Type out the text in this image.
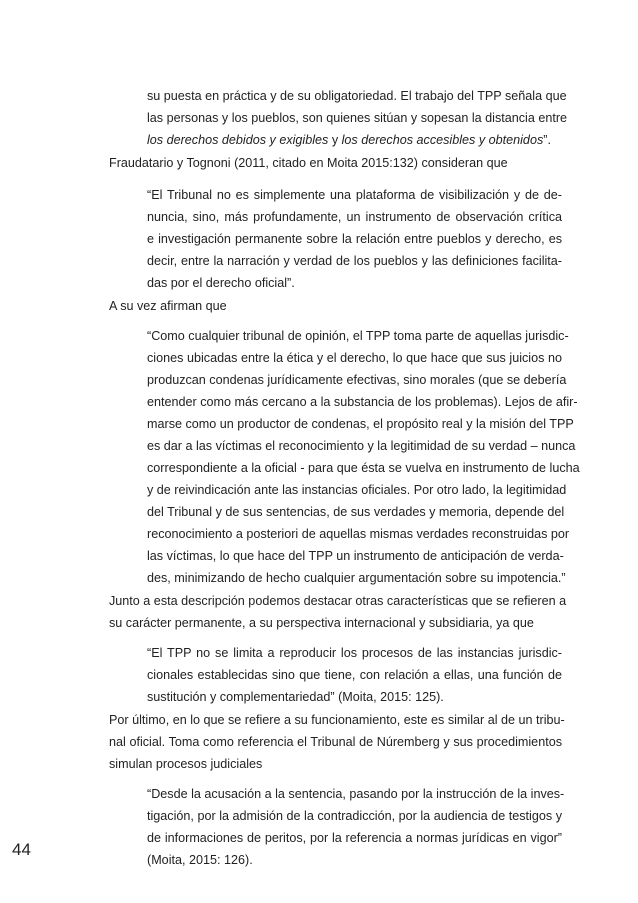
su puesta en práctica y de su obligatoriedad. El trabajo del TPP señala que
las personas y los pueblos, son quienes sitúan y sopesan la distancia entre
los derechos debidos y exigibles y los derechos accesibles y obtenidos”.
Fraudatario y Tognoni (2011, citado en Moita 2015:132) consideran que
“El Tribunal no es simplemente una plataforma de visibilización y de de-
nuncia, sino, más profundamente, un instrumento de observación crítica
e investigación permanente sobre la relación entre pueblos y derecho, es
decir, entre la narración y verdad de los pueblos y las definiciones facilita-
das por el derecho oficial”.
A su vez afirman que
“Como cualquier tribunal de opinión, el TPP toma parte de aquellas jurisdic-
ciones ubicadas entre la ética y el derecho, lo que hace que sus juicios no
produzcan condenas jurídicamente efectivas, sino morales (que se debería
entender como más cercano a la substancia de los problemas). Lejos de afir-
marse como un productor de condenas, el propósito real y la misión del TPP
es dar a las víctimas el reconocimiento y la legitimidad de su verdad – nunca
correspondiente a la oficial - para que ésta se vuelva en instrumento de lucha
y de reivindicación ante las instancias oficiales. Por otro lado, la legitimidad
del Tribunal y de sus sentencias, de sus verdades y memoria, depende del
reconocimiento a posteriori de aquellas mismas verdades reconstruidas por
las víctimas, lo que hace del TPP un instrumento de anticipación de verda-
des, minimizando de hecho cualquier argumentación sobre su impotencia.”
Junto a esta descripción podemos destacar otras características que se refieren a
su carácter permanente, a su perspectiva internacional y subsidiaria, ya que
“El TPP no se limita a reproducir los procesos de las instancias jurisdic-
cionales establecidas sino que tiene, con relación a ellas, una función de
sustitución y complementariedad” (Moita, 2015: 125).
Por último, en lo que se refiere a su funcionamiento, este es similar al de un tribu-
nal oficial. Toma como referencia el Tribunal de Núremberg y sus procedimientos
simulan procesos judiciales
“Desde la acusación a la sentencia, pasando por la instrucción de la inves-
tigación, por la admisión de la contradicción, por la audiencia de testigos y
de informaciones de peritos, por la referencia a normas jurídicas en vigor”
(Moita, 2015: 126).
44
